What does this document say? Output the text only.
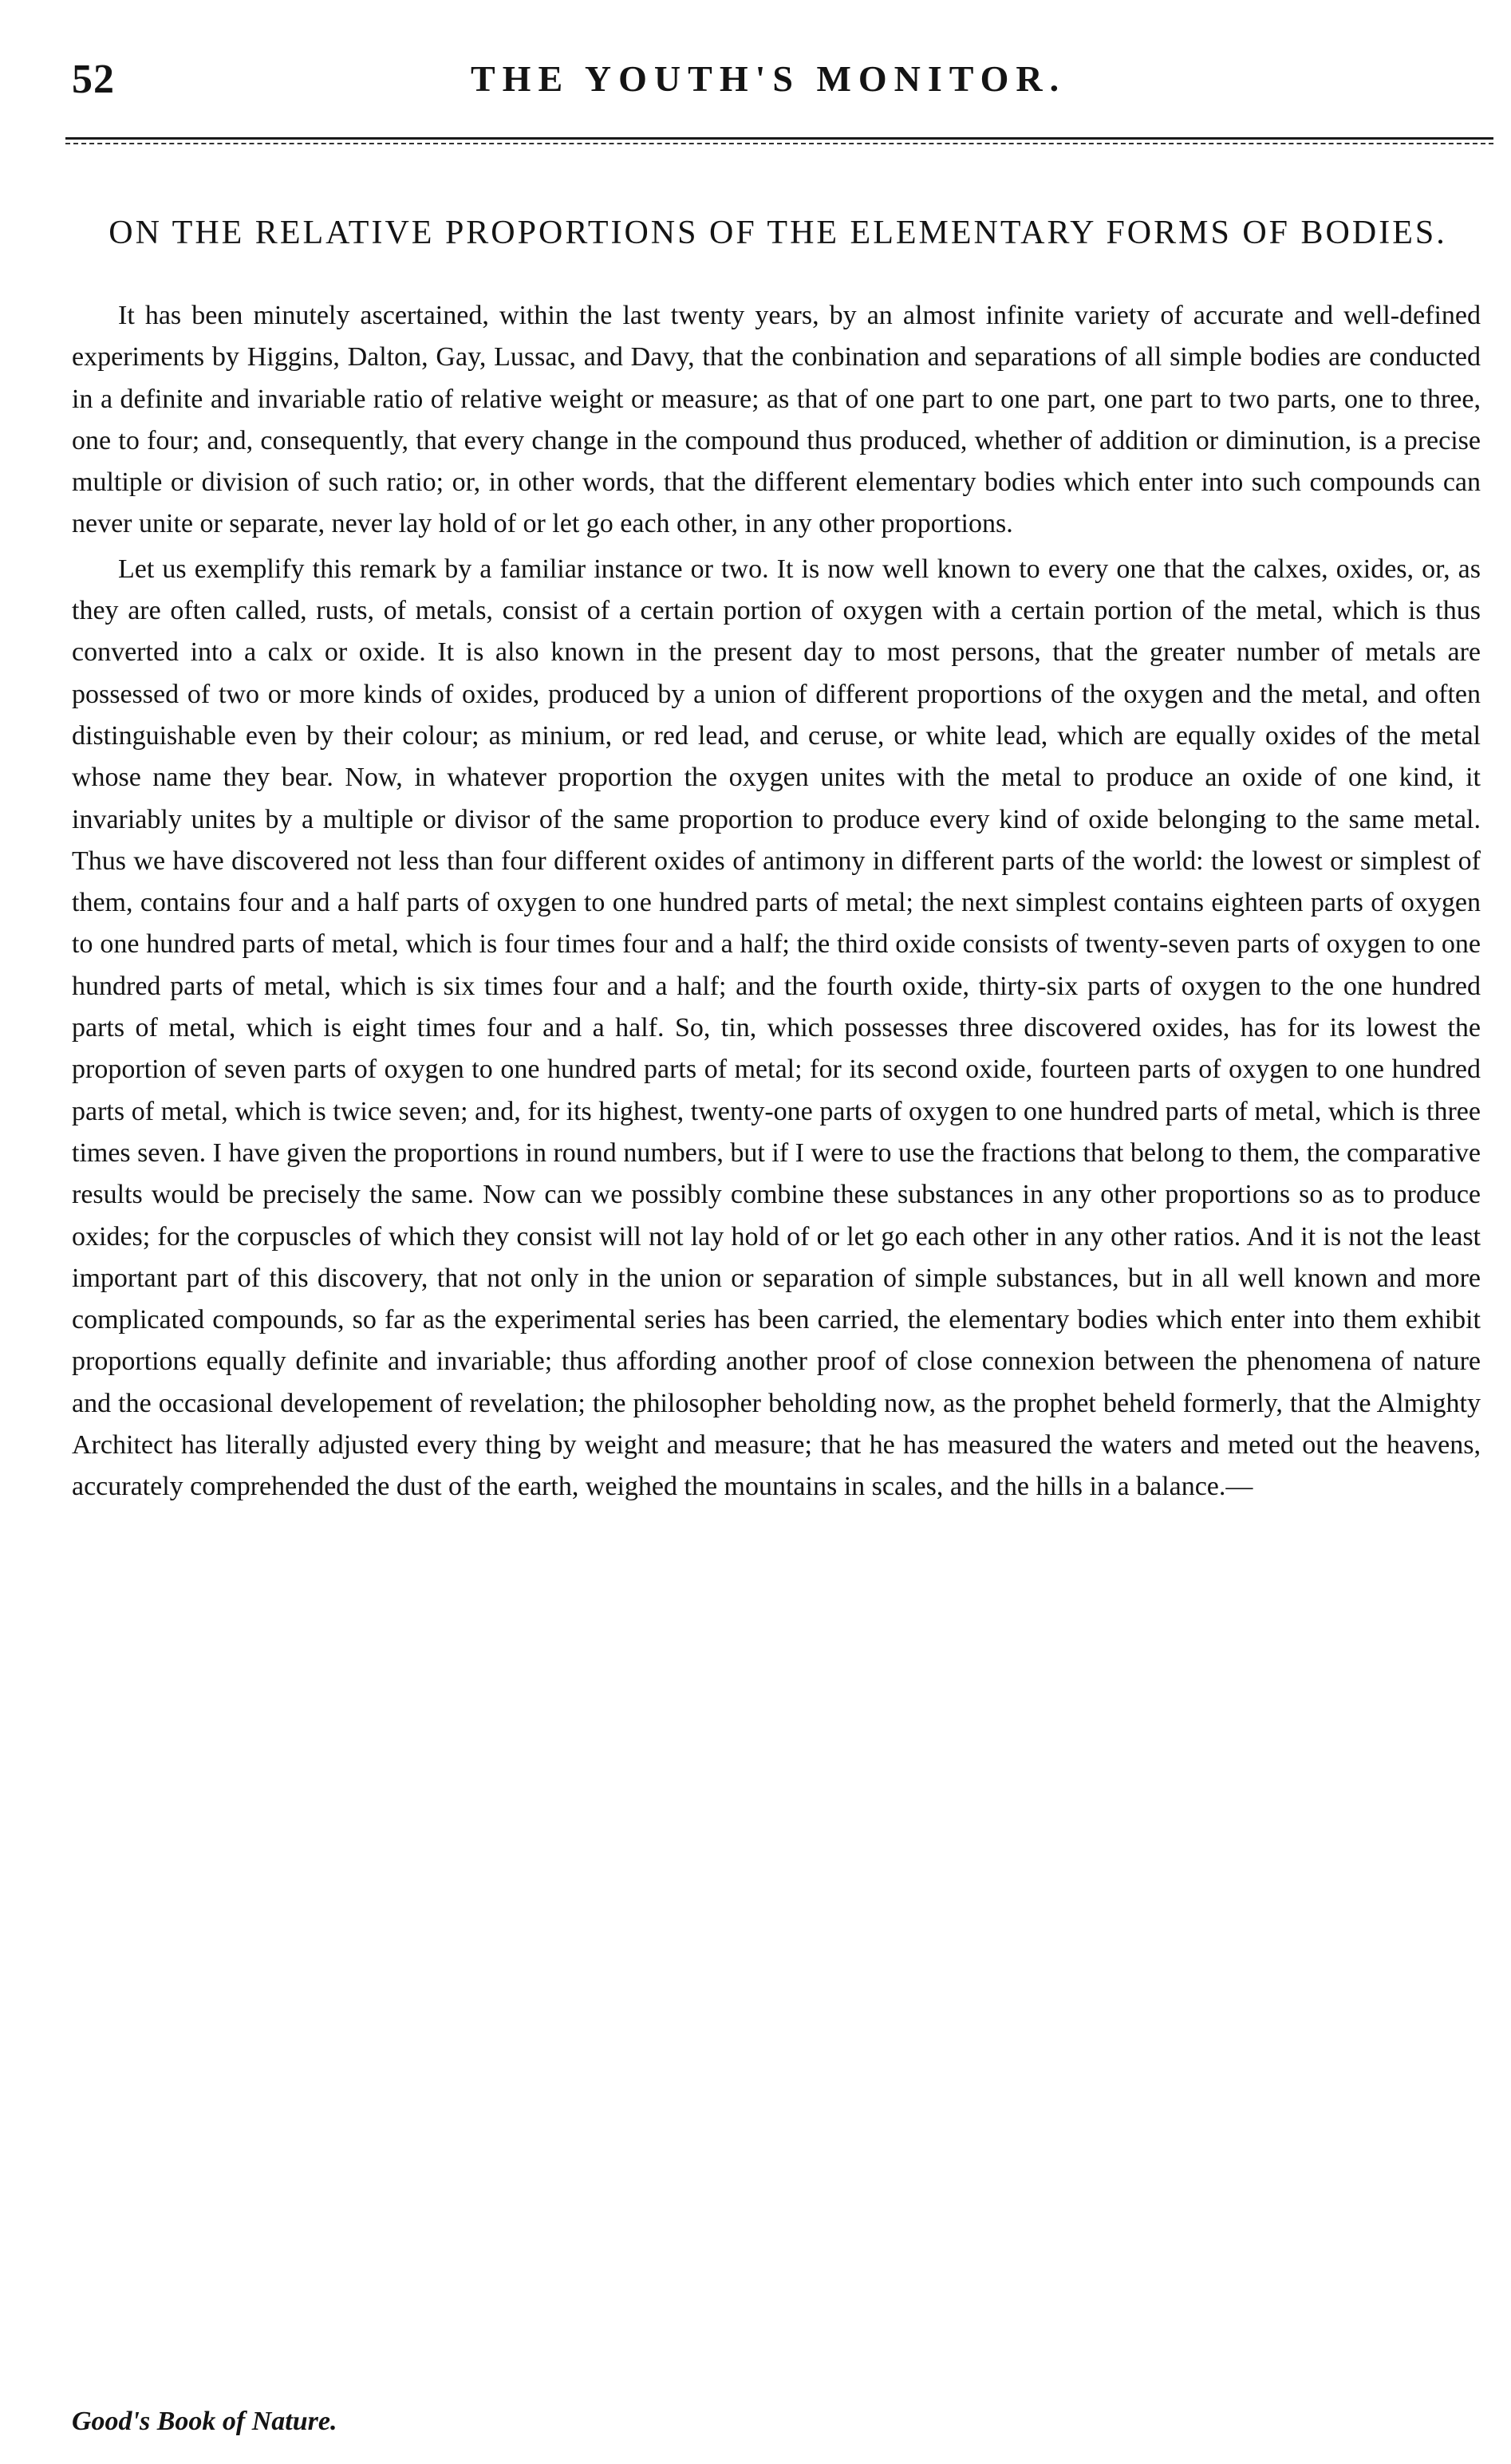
52	THE YOUTH'S MONITOR.
ON THE RELATIVE PROPORTIONS OF THE ELEMENTARY FORMS OF BODIES.

It has been minutely ascertained, within the last twenty years, by an almost infinite variety of accurate and well-defined experiments by Higgins, Dalton, Gay, Lussac, and Davy, that the conbination and separations of all simple bodies are conducted in a definite and invariable ratio of relative weight or measure; as that of one part to one part, one part to two parts, one to three, one to four; and, consequently, that every change in the compound thus produced, whether of addition or diminution, is a precise multiple or division of such ratio; or, in other words, that the different elementary bodies which enter into such compounds can never unite or separate, never lay hold of or let go each other, in any other proportions.

Let us exemplify this remark by a familiar instance or two. It is now well known to every one that the calxes, oxides, or, as they are often called, rusts, of metals, consist of a certain portion of oxygen with a certain portion of the metal, which is thus converted into a calx or oxide. It is also known in the present day to most persons, that the greater number of metals are possessed of two or more kinds of oxides, produced by a union of different proportions of the oxygen and the metal, and often distinguishable even by their colour; as minium, or red lead, and ceruse, or white lead, which are equally oxides of the metal whose name they bear. Now, in whatever proportion the oxygen unites with the metal to produce an oxide of one kind, it invariably unites by a multiple or divisor of the same proportion to produce every kind of oxide belonging to the same metal. Thus we have discovered not less than four different oxides of antimony in different parts of the world: the lowest or simplest of them, contains four and a half parts of oxygen to one hundred parts of metal; the next simplest contains eighteen parts of oxygen to one hundred parts of metal, which is four times four and a half; the third oxide consists of twenty-seven parts of oxygen to one hundred parts of metal, which is six times four and a half; and the fourth oxide, thirty-six parts of oxygen to the one hundred parts of metal, which is eight times four and a half. So, tin, which possesses three discovered oxides, has for its lowest the proportion of seven parts of oxygen to one hundred parts of metal; for its second oxide, fourteen parts of oxygen to one hundred parts of metal, which is twice seven; and, for its highest, twenty-one parts of oxygen to one hundred parts of metal, which is three times seven. I have given the proportions in round numbers, but if I were to use the fractions that belong to them, the comparative results would be precisely the same. Now can we possibly combine these substances in any other proportions so as to produce oxides; for the corpuscles of which they consist will not lay hold of or let go each other in any other ratios. And it is not the least important part of this discovery, that not only in the union or separation of simple substances, but in all well known and more complicated compounds, so far as the experimental series has been carried, the elementary bodies which enter into them exhibit proportions equally definite and invariable; thus affording another proof of close connexion between the phenomena of nature and the occasional developement of revelation; the philosopher beholding now, as the prophet beheld formerly, that the Almighty Architect has literally adjusted every thing by weight and measure; that he has measured the waters and meted out the heavens, accurately comprehended the dust of the earth, weighed the mountains in scales, and the hills in a balance.—

Good's Book of Nature.
